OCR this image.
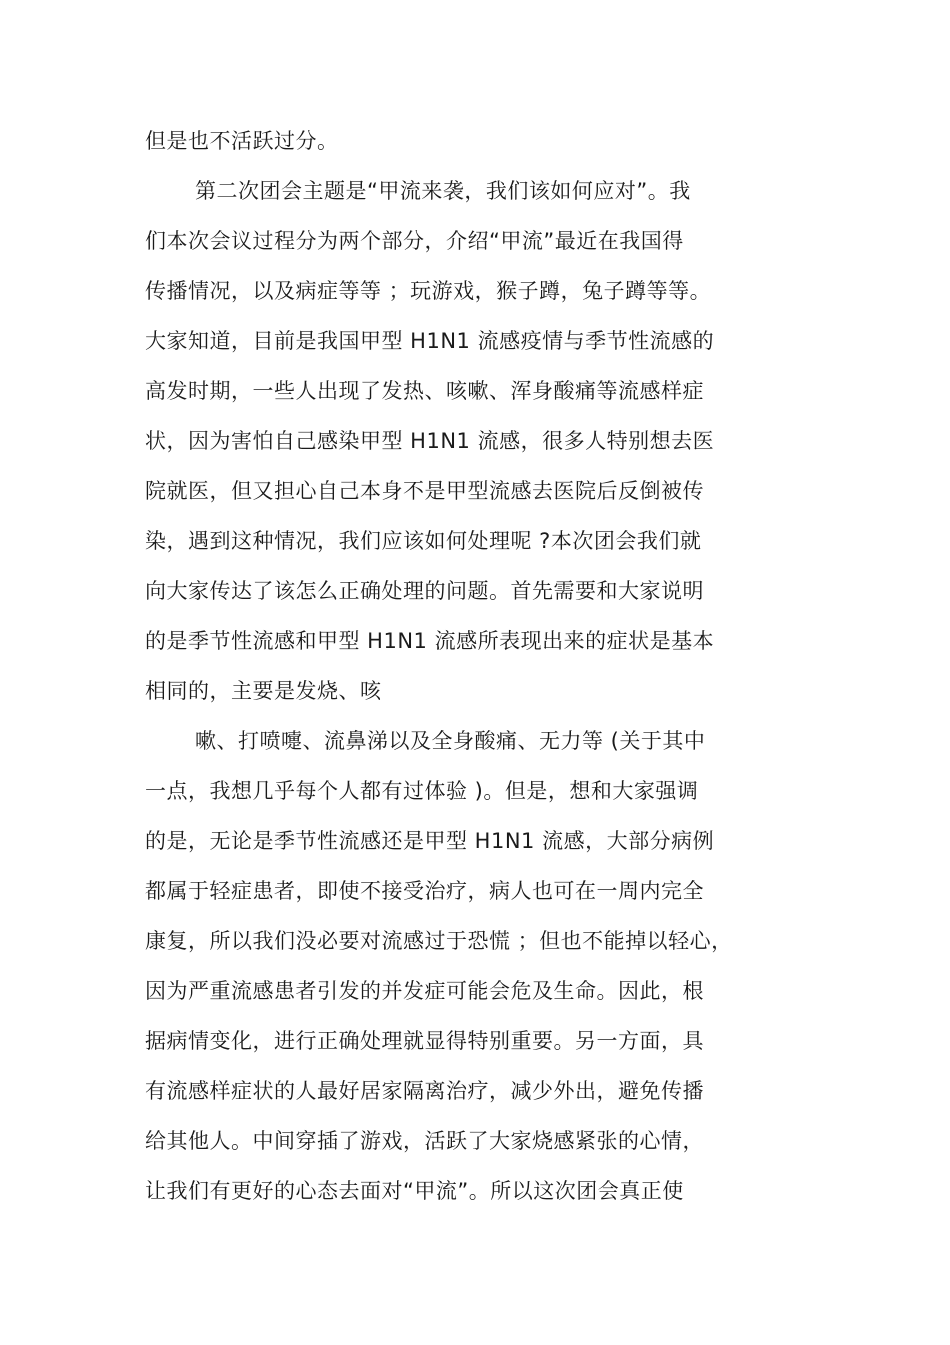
但是也不活跃过分。
第二次团会主题是“甲流来袭，我们该如何应对”。我
们本次会议过程分为两个部分，介绍“甲流”最近在我国得
传播情况，以及病症等等 ；玩游戏，猴子蹲，兔子蹲等等。
大家知道，目前是我国甲型 H1N1 流感疫情与季节性流感的
高发时期，一些人出现了发热、咳嗽、浑身酸痛等流感样症
状，因为害怕自己感染甲型 H1N1 流感，很多人特别想去医
院就医，但又担心自己本身不是甲型流感去医院后反倒被传
染，遇到这种情况，我们应该如何处理呢 ?本次团会我们就
向大家传达了该怎么正确处理的问题。首先需要和大家说明
的是季节性流感和甲型 H1N1 流感所表现出来的症状是基本
相同的，主要是发烧、咳
嗽、打喷嚏、流鼻涕以及全身酸痛、无力等 (关于其中
一点，我想几乎每个人都有过体验 )。但是，想和大家强调
的是，无论是季节性流感还是甲型 H1N1 流感，大部分病例
都属于轻症患者，即使不接受治疗，病人也可在一周内完全
康复，所以我们没必要对流感过于恐慌 ；但也不能掉以轻心，
因为严重流感患者引发的并发症可能会危及生命。因此，根
据病情变化，进行正确处理就显得特别重要。另一方面，具
有流感样症状的人最好居家隔离治疗，减少外出，避免传播
给其他人。中间穿插了游戏，活跃了大家烧感紧张的心情，
让我们有更好的心态去面对“甲流”。所以这次团会真正使
